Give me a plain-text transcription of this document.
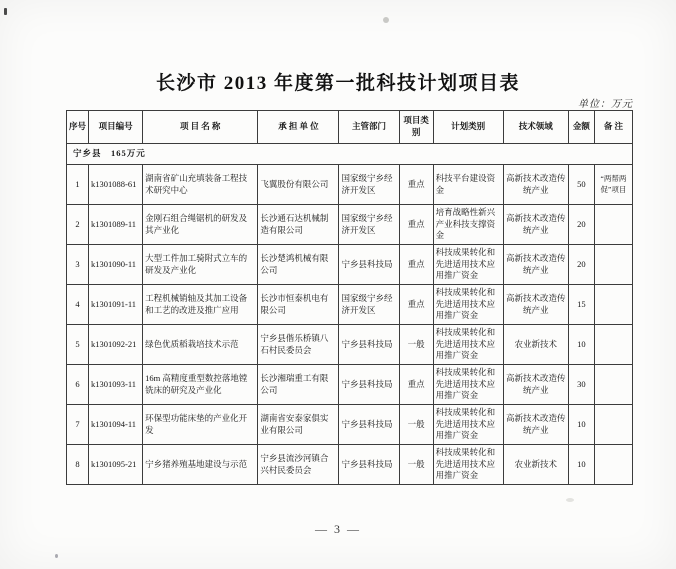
长沙市 2013 年度第一批科技计划项目表
单位：万元
序号	项目编号	项 目 名 称	承 担 单 位	主管部门	项目类别	计划类别	技术领域	金额	备 注
宁乡县　165万元									
1	k1301088-61	湖南省矿山充填装备工程技术研究中心	飞翼股份有限公司	国家级宁乡经济开发区	重点	科技平台建设资金	高新技术改造传统产业	50	“两帮两促”项目
2	k1301089-11	金刚石组合绳锯机的研发及其产业化	长沙通石达机械制造有限公司	国家级宁乡经济开发区	重点	培育战略性新兴产业科技支撑资金	高新技术改造传统产业	20	
3	k1301090-11	大型工件加工骑附式立车的研发及产业化	长沙楚鸿机械有限公司	宁乡县科技局	重点	科技成果转化和先进适用技术应用推广资金	高新技术改造传统产业	20	
4	k1301091-11	工程机械销轴及其加工设备和工艺的改进及推广应用	长沙市恒泰机电有限公司	国家级宁乡经济开发区	重点	科技成果转化和先进适用技术应用推广资金	高新技术改造传统产业	15	
5	k1301092-21	绿色优质稻栽培技术示范	宁乡县偕乐桥镇八石村民委员会	宁乡县科技局	一般	科技成果转化和先进适用技术应用推广资金	农业新技术	10	
6	k1301093-11	16m 高精度重型数控落地镗铣床的研究及产业化	长沙湘瑞重工有限公司	宁乡县科技局	重点	科技成果转化和先进适用技术应用推广资金	高新技术改造传统产业	30	
7	k1301094-11	环保型功能床垫的产业化开发	湖南省安泰家俱实业有限公司	宁乡县科技局	一般	科技成果转化和先进适用技术应用推广资金	高新技术改造传统产业	10	
8	k1301095-21	宁乡猪养殖基地建设与示范	宁乡县流沙河镇合兴村民委员会	宁乡县科技局	一般	科技成果转化和先进适用技术应用推广资金	农业新技术	10	
— 3 —
